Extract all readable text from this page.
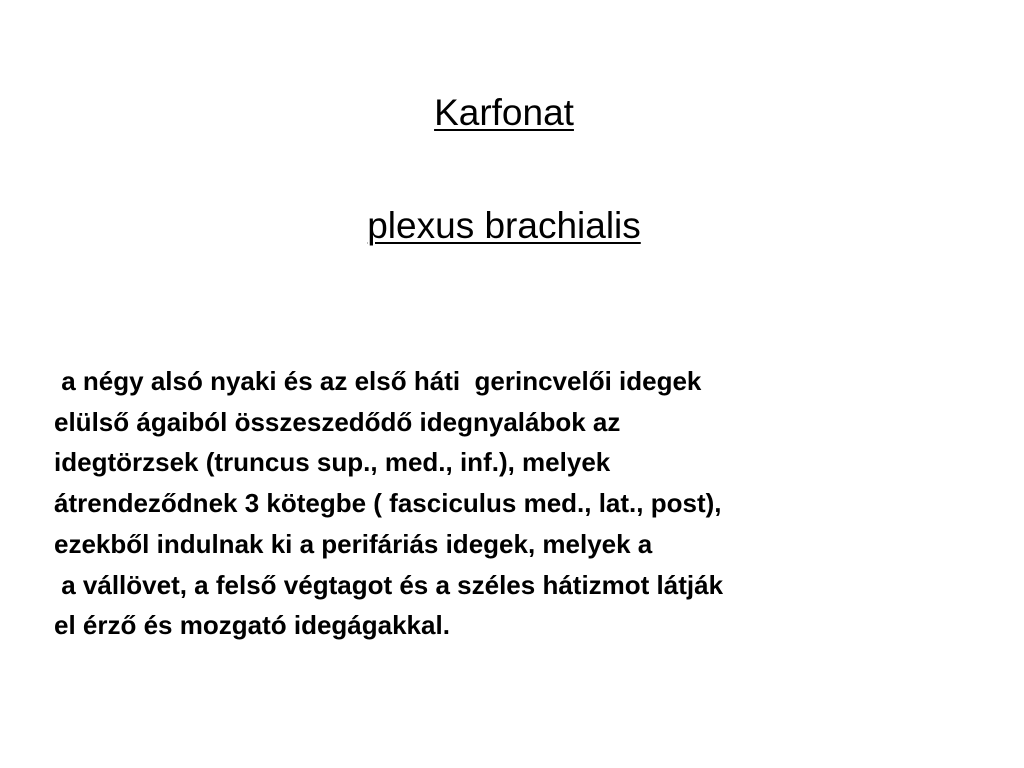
Karfonat
plexus brachialis
a négy alsó nyaki és az első háti  gerincvelői idegek
elülső ágaiból összeszedődő idegnyalábok az
idegtörzsek (truncus sup., med., inf.), melyek
átrendeződnek 3 kötegbe ( fasciculus med., lat., post),
ezekből indulnak ki a perifáriás idegek, melyek a
a vállövet, a felső végtagot és a széles hátizmot látják
el érző és mozgató idegágakkal.
